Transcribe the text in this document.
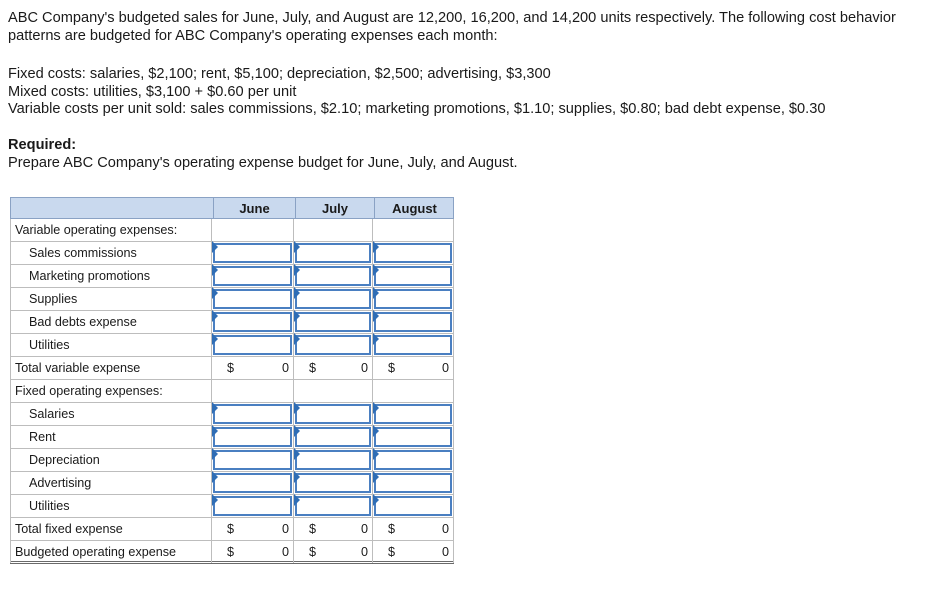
ABC Company's budgeted sales for June, July, and August are 12,200, 16,200, and 14,200 units respectively. The following cost behavior patterns are budgeted for ABC Company's operating expenses each month:

Fixed costs: salaries, $2,100; rent, $5,100; depreciation, $2,500; advertising, $3,300
Mixed costs: utilities, $3,100 + $0.60 per unit
Variable costs per unit sold: sales commissions, $2.10; marketing promotions, $1.10; supplies, $0.80; bad debt expense, $0.30
Required:
Prepare ABC Company's operating expense budget for June, July, and August.
June	July	August
Variable operating expenses:
Sales commissions
Marketing promotions
Supplies
Bad debts expense
Utilities
Total variable expense	$	0 $	0 $	0
Fixed operating expenses:
Salaries
Rent
Depreciation
Advertising
Utilities
Total fixed expense	$	0 $	0 $	0
Budgeted operating expense	$	0 $	0 $	0
